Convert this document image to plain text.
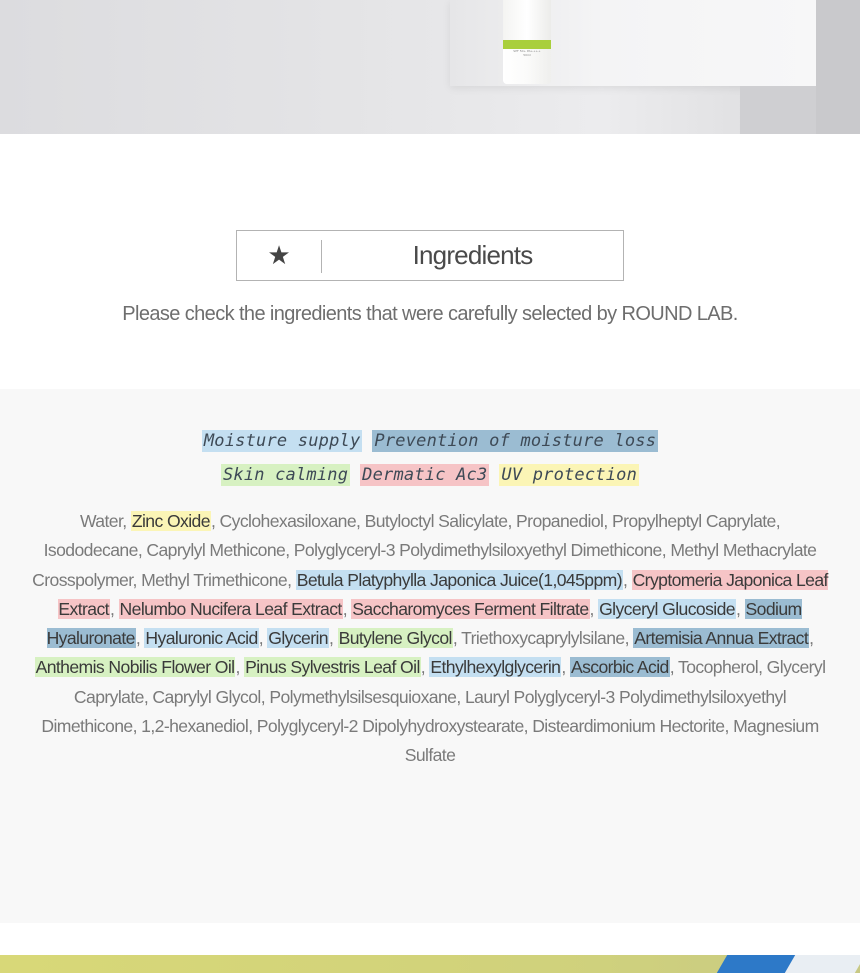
SPF 50+ PA++++
50ml
★	Ingredients
Please check the ingredients that were carefully selected by ROUND LAB.
Moisture supply Prevention of moisture loss
Skin calming Dermatic Ac3 UV protection
Water, Zinc Oxide, Cyclohexasiloxane, Butyloctyl Salicylate, Propanediol, Propylheptyl Caprylate, Isododecane, Caprylyl Methicone, Polyglyceryl-3 Polydimethylsiloxyethyl Dimethicone, Methyl Methacrylate Crosspolymer, Methyl Trimethicone, Betula Platyphylla Japonica Juice(1,045ppm), Cryptomeria Japonica Leaf Extract, Nelumbo Nucifera Leaf Extract, Saccharomyces Ferment Filtrate, Glyceryl Glucoside, Sodium Hyaluronate, Hyaluronic Acid, Glycerin, Butylene Glycol, Triethoxycaprylylsilane, Artemisia Annua Extract, Anthemis Nobilis Flower Oil, Pinus Sylvestris Leaf Oil, Ethylhexylglycerin, Ascorbic Acid, Tocopherol, Glyceryl Caprylate, Caprylyl Glycol, Polymethylsilsesquioxane, Lauryl Polyglyceryl-3 Polydimethylsiloxyethyl Dimethicone, 1,2-hexanediol, Polyglyceryl-2 Dipolyhydroxystearate, Disteardimonium Hectorite, Magnesium Sulfate
